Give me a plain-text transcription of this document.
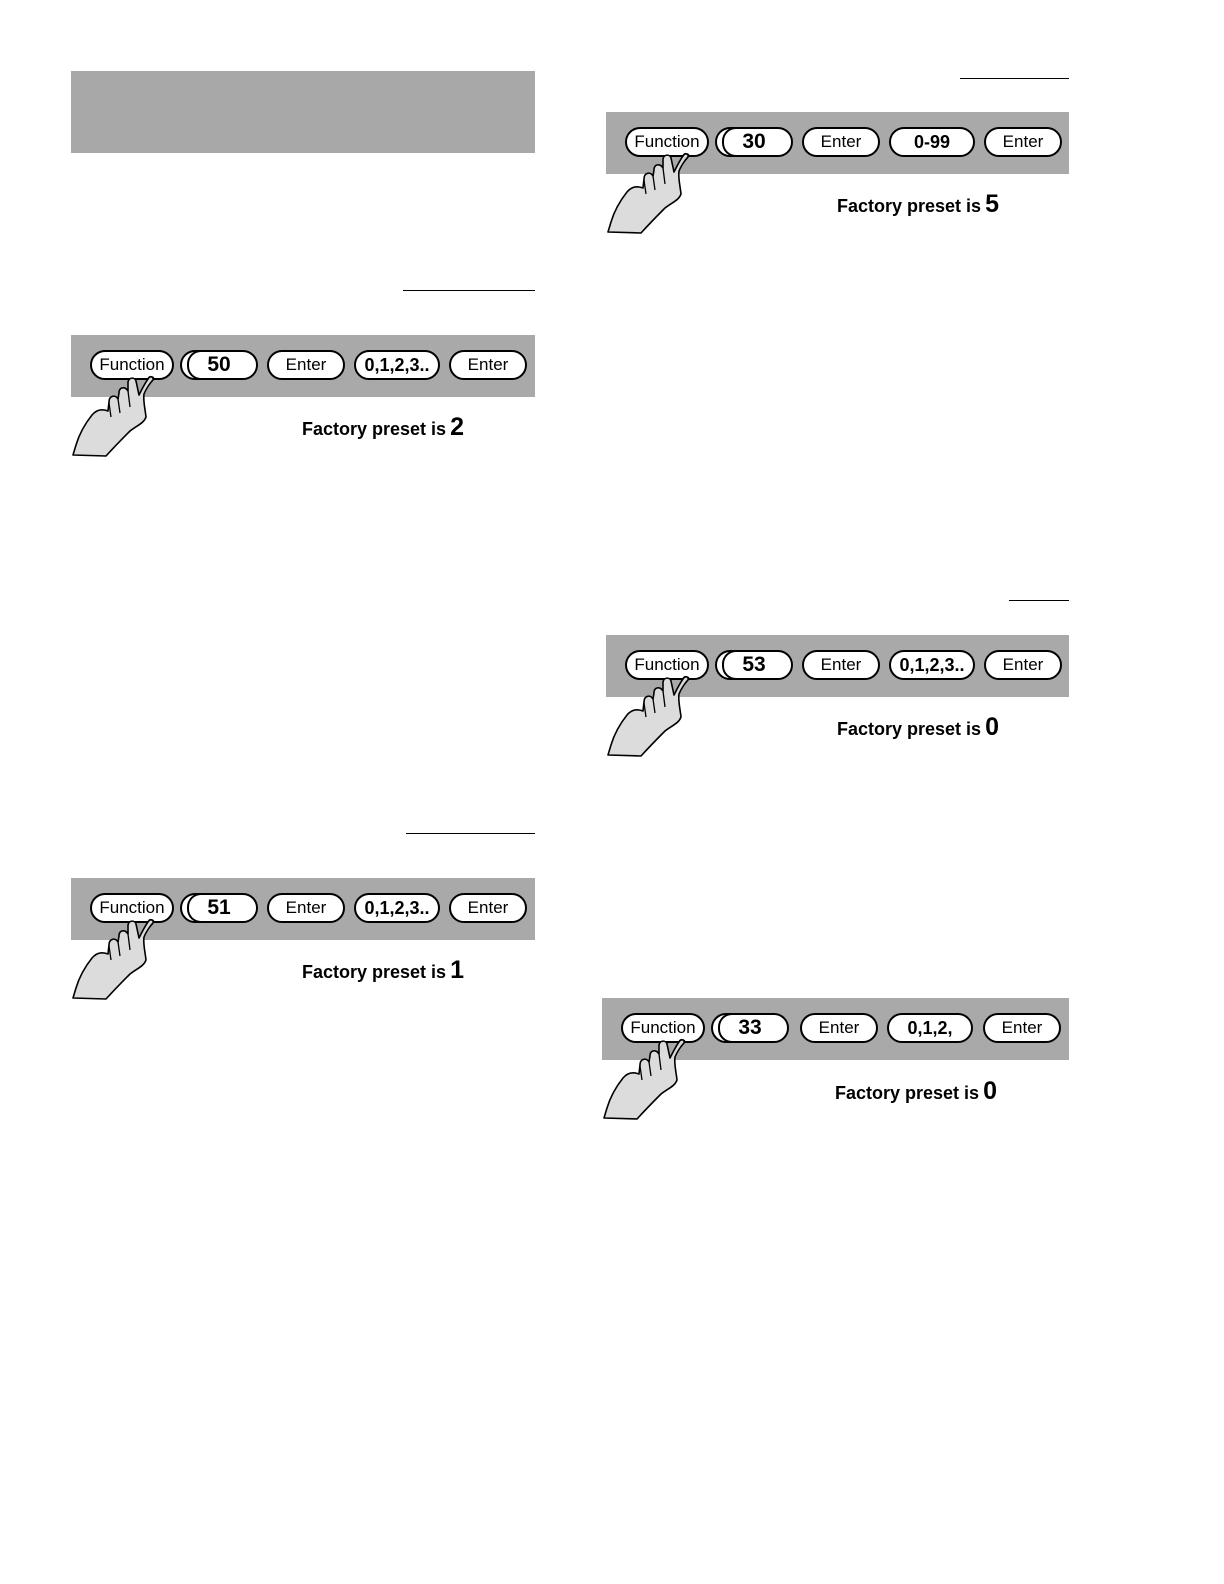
Function	50	Enter	0,1,2,3..	Enter
Factory preset is 2
Function	51	Enter	0,1,2,3..	Enter
Factory preset is 1
Function	30	Enter	0-99	Enter
Factory preset is 5
Function	53	Enter	0,1,2,3..	Enter
Factory preset is 0
Function	33	Enter	0,1,2,	Enter
Factory preset is 0
